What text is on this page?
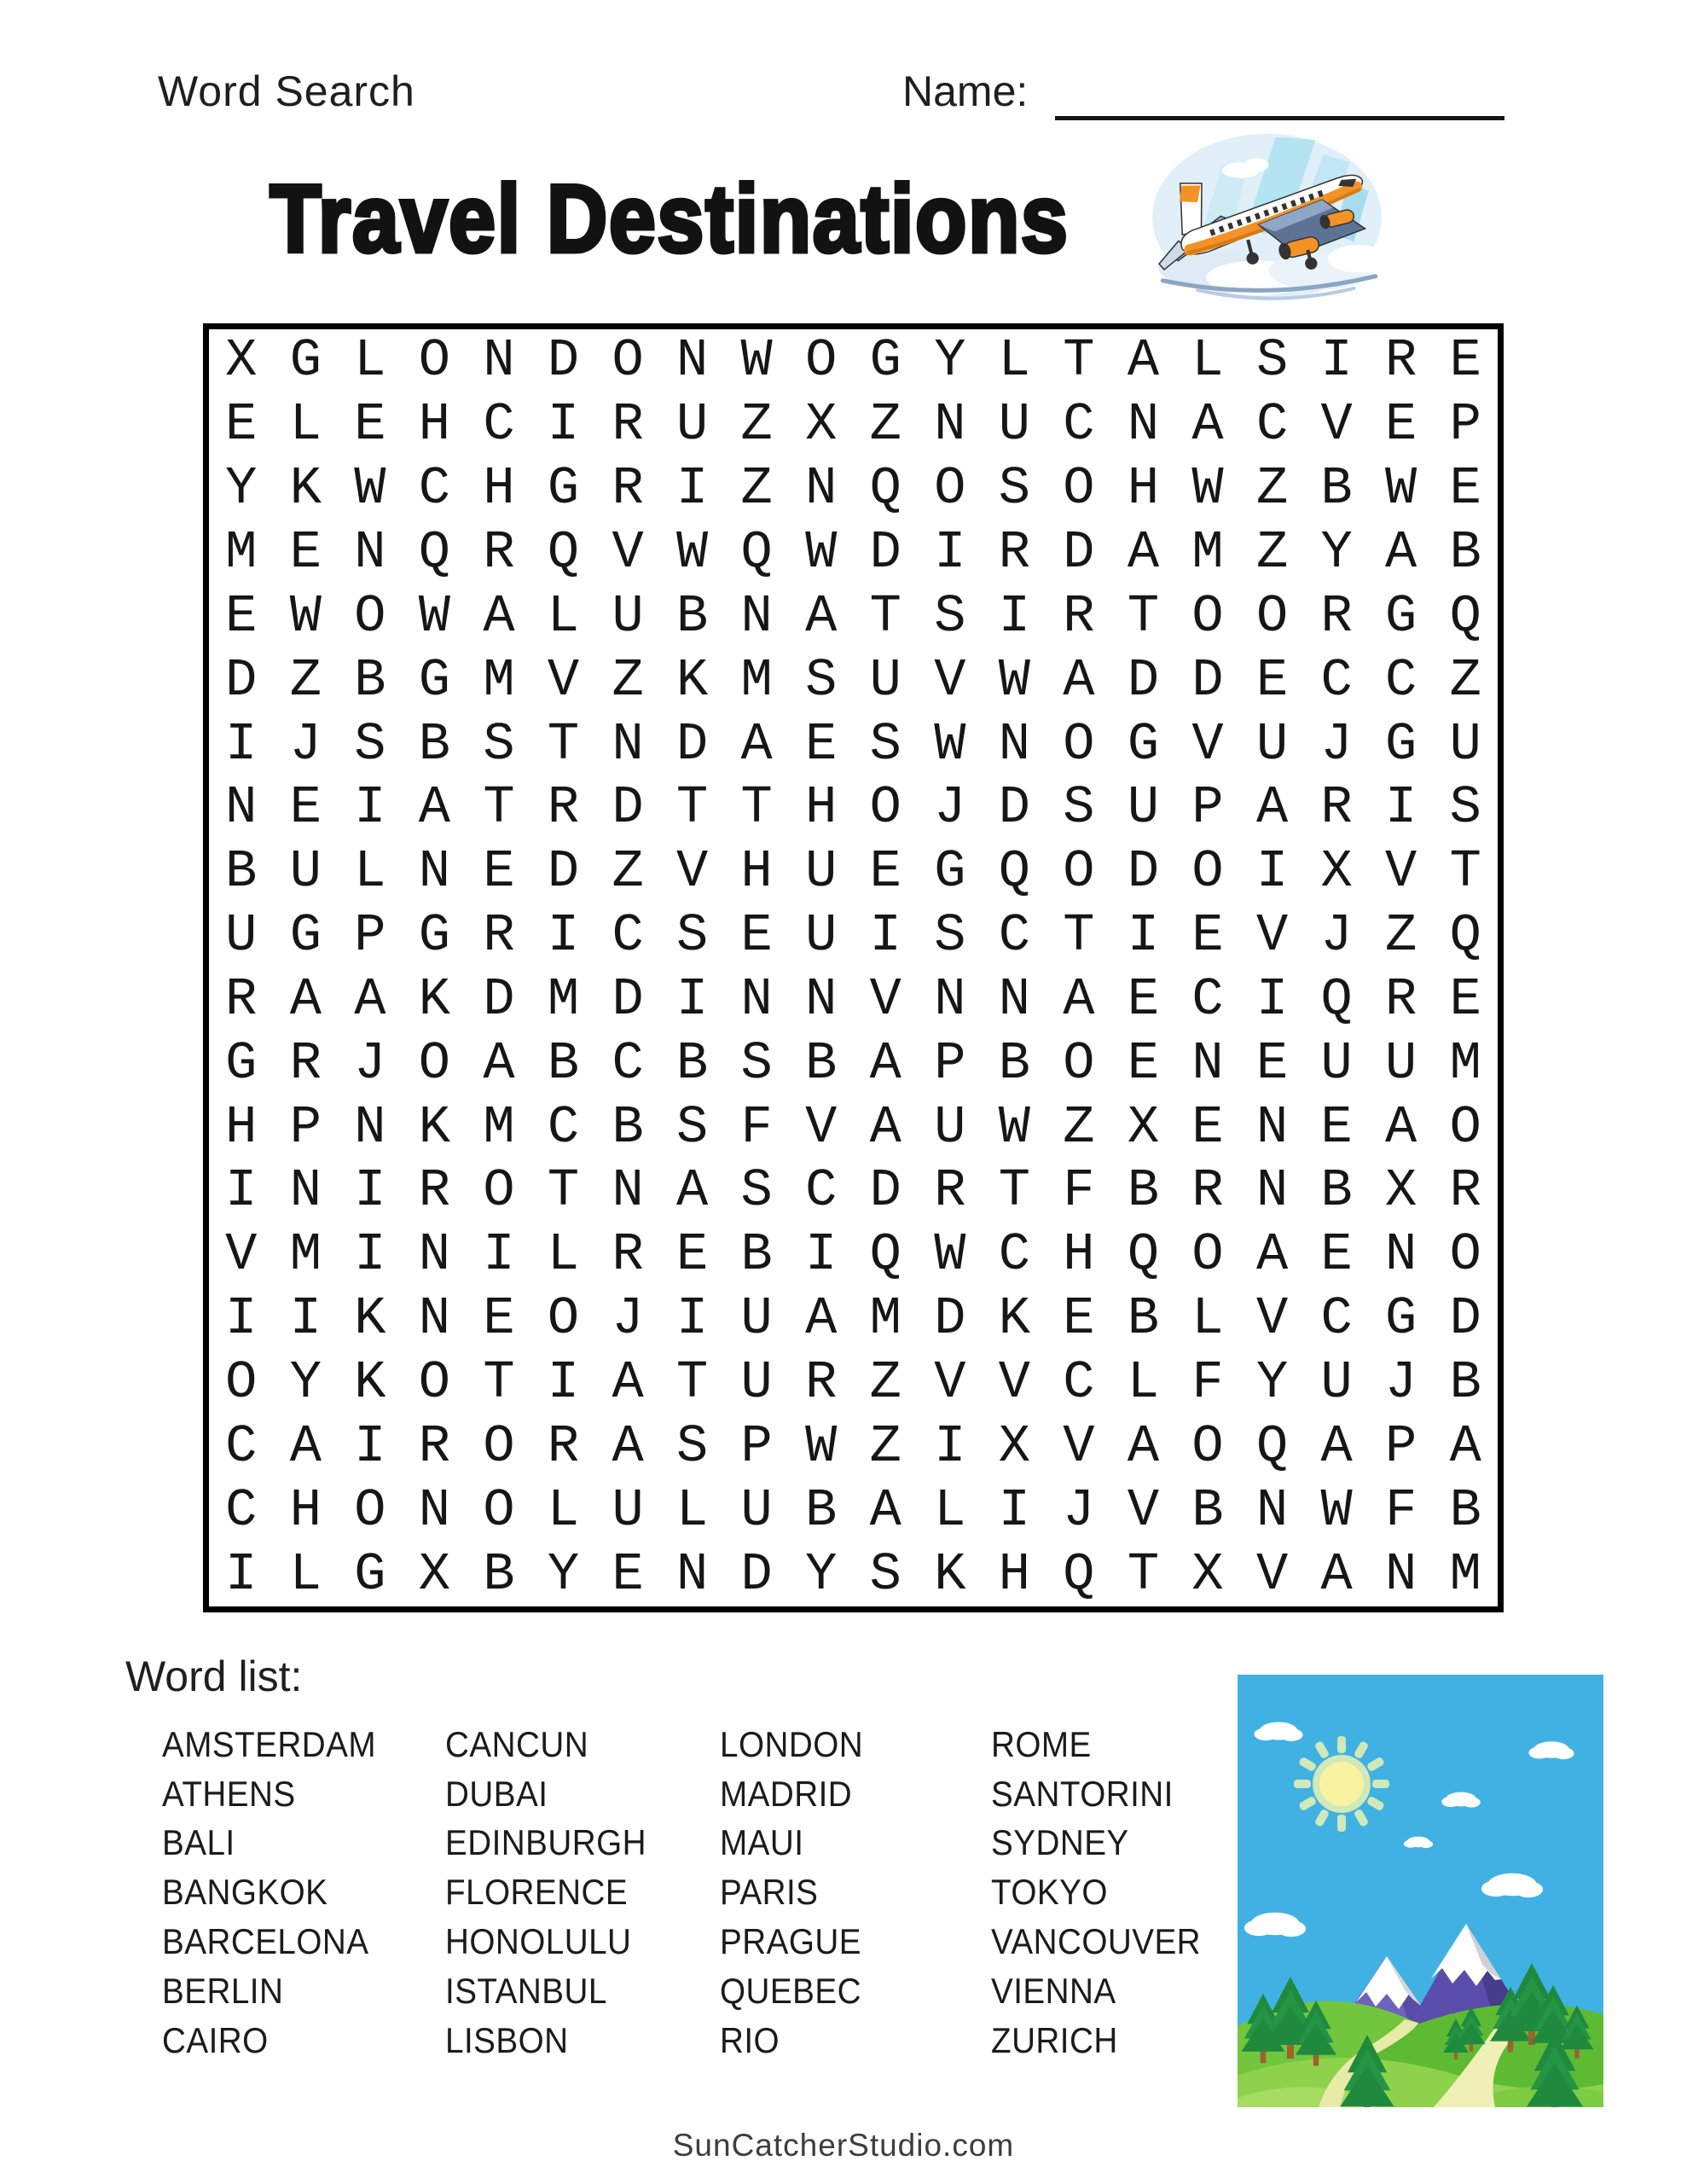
Word Search	Name:
Travel Destinations
X G L O N D O N W O G Y L T A L S I R E
E L E H C I R U Z X Z N U C N A C V E P
Y K W C H G R I Z N Q O S O H W Z B W E
M E N Q R Q V W Q W D I R D A M Z Y A B
E W O W A L U B N A T S I R T O O R G Q
D Z B G M V Z K M S U V W A D D E C C Z
I J S B S T N D A E S W N O G V U J G U
N E I A T R D T T H O J D S U P A R I S
B U L N E D Z V H U E G Q O D O I X V T
U G P G R I C S E U I S C T I E V J Z Q
R A A K D M D I N N V N N A E C I Q R E
G R J O A B C B S B A P B O E N E U U M
H P N K M C B S F V A U W Z X E N E A O
I N I R O T N A S C D R T F B R N B X R
V M I N I L R E B I Q W C H Q O A E N O
I I K N E O J I U A M D K E B L V C G D
O Y K O T I A T U R Z V V C L F Y U J B
C A I R O R A S P W Z I X V A O Q A P A
C H O N O L U L U B A L I J V B N W F B
I L G X B Y E N D Y S K H Q T X V A N M
Word list:
AMSTERDAM
ATHENS
BALI
BANGKOK
BARCELONA
BERLIN
CAIRO
CANCUN
DUBAI
EDINBURGH
FLORENCE
HONOLULU
ISTANBUL
LISBON
LONDON
MADRID
MAUI
PARIS
PRAGUE
QUEBEC
RIO
ROME
SANTORINI
SYDNEY
TOKYO
VANCOUVER
VIENNA
ZURICH
SunCatcherStudio.com
